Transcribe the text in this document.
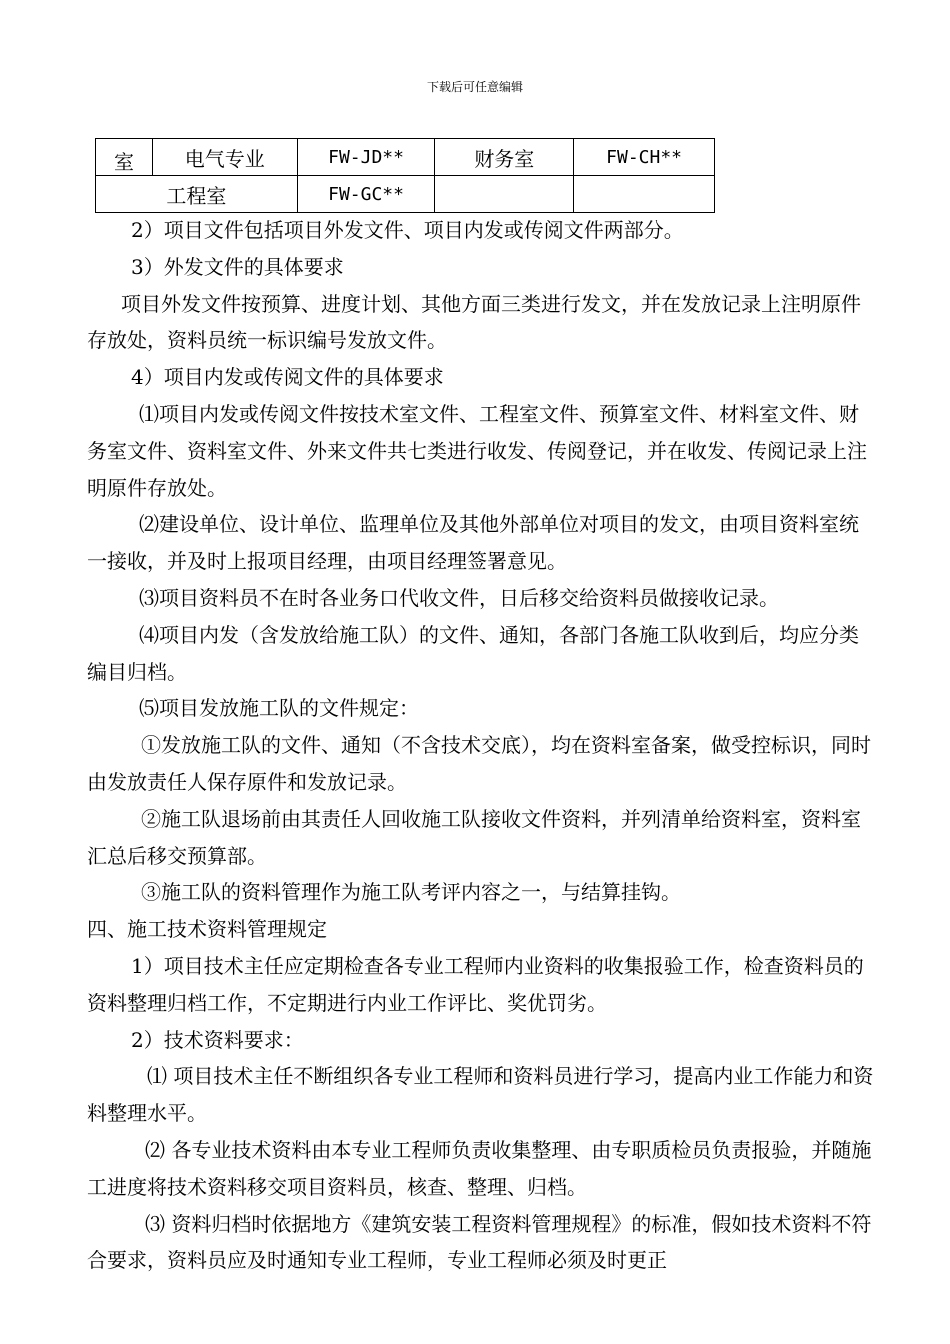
下载后可任意编辑
室	电气专业	FW-JD**	财务室	FW-CH**
工程室		FW-GC**		

2）项目文件包括项目外发文件、项目内发或传阅文件两部分。

3）外发文件的具体要求

项目外发文件按预算、进度计划、其他方面三类进行发文，并在发放记录上注明原件存放处，资料员统一标识编号发放文件。

4）项目内发或传阅文件的具体要求

⑴项目内发或传阅文件按技术室文件、工程室文件、预算室文件、材料室文件、财务室文件、资料室文件、外来文件共七类进行收发、传阅登记，并在收发、传阅记录上注明原件存放处。

⑵建设单位、设计单位、监理单位及其他外部单位对项目的发文，由项目资料室统一接收，并及时上报项目经理，由项目经理签署意见。

⑶项目资料员不在时各业务口代收文件，日后移交给资料员做接收记录。

⑷项目内发（含发放给施工队）的文件、通知，各部门各施工队收到后，均应分类编目归档。

⑸项目发放施工队的文件规定：

①发放施工队的文件、通知（不含技术交底），均在资料室备案，做受控标识，同时由发放责任人保存原件和发放记录。

②施工队退场前由其责任人回收施工队接收文件资料，并列清单给资料室，资料室汇总后移交预算部。

③施工队的资料管理作为施工队考评内容之一，与结算挂钩。

四、施工技术资料管理规定

1）项目技术主任应定期检查各专业工程师内业资料的收集报验工作，检查资料员的资料整理归档工作，不定期进行内业工作评比、奖优罚劣。

2）技术资料要求：

⑴ 项目技术主任不断组织各专业工程师和资料员进行学习，提高内业工作能力和资料整理水平。

⑵ 各专业技术资料由本专业工程师负责收集整理、由专职质检员负责报验，并随施工进度将技术资料移交项目资料员，核查、整理、归档。

⑶ 资料归档时依据地方《建筑安装工程资料管理规程》的标准，假如技术资料不符合要求，资料员应及时通知专业工程师，专业工程师必须及时更正
